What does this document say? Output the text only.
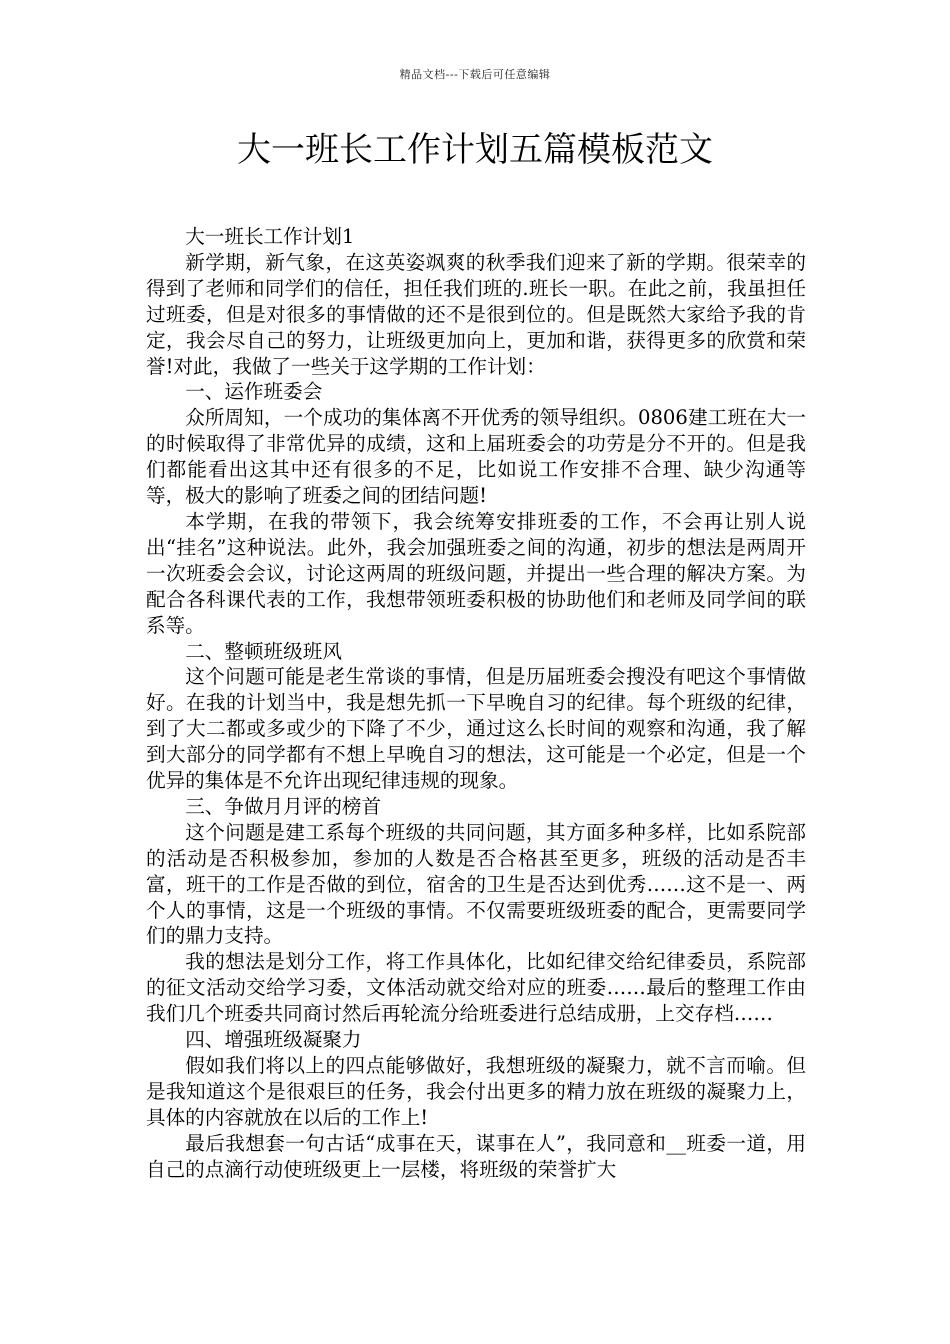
精品文档---下载后可任意编辑
大一班长工作计划五篇模板范文

大一班长工作计划1

新学期，新气象，在这英姿飒爽的秋季我们迎来了新的学期。很荣幸的得到了老师和同学们的信任，担任我们班的.班长一职。在此之前，我虽担任过班委，但是对很多的事情做的还不是很到位的。但是既然大家给予我的肯定，我会尽自己的努力，让班级更加向上，更加和谐，获得更多的欣赏和荣誉!对此，我做了一些关于这学期的工作计划：

一、运作班委会

众所周知，一个成功的集体离不开优秀的领导组织。0806建工班在大一的时候取得了非常优异的成绩，这和上届班委会的功劳是分不开的。但是我们都能看出这其中还有很多的不足，比如说工作安排不合理、缺少沟通等等，极大的影响了班委之间的团结问题!

本学期，在我的带领下，我会统筹安排班委的工作，不会再让别人说出“挂名”这种说法。此外，我会加强班委之间的沟通，初步的想法是两周开一次班委会会议，讨论这两周的班级问题，并提出一些合理的解决方案。为配合各科课代表的工作，我想带领班委积极的协助他们和老师及同学间的联系等。

二、整顿班级班风

这个问题可能是老生常谈的事情，但是历届班委会搜没有吧这个事情做好。在我的计划当中，我是想先抓一下早晚自习的纪律。每个班级的纪律，到了大二都或多或少的下降了不少，通过这么长时间的观察和沟通，我了解到大部分的同学都有不想上早晚自习的想法，这可能是一个必定，但是一个优异的集体是不允许出现纪律违规的现象。

三、争做月月评的榜首

这个问题是建工系每个班级的共同问题，其方面多种多样，比如系院部的活动是否积极参加，参加的人数是否合格甚至更多，班级的活动是否丰富，班干的工作是否做的到位，宿舍的卫生是否达到优秀……这不是一、两个人的事情，这是一个班级的事情。不仅需要班级班委的配合，更需要同学们的鼎力支持。

我的想法是划分工作，将工作具体化，比如纪律交给纪律委员，系院部的征文活动交给学习委，文体活动就交给对应的班委……最后的整理工作由我们几个班委共同商讨然后再轮流分给班委进行总结成册，上交存档……

四、增强班级凝聚力

假如我们将以上的四点能够做好，我想班级的凝聚力，就不言而喻。但是我知道这个是很艰巨的任务，我会付出更多的精力放在班级的凝聚力上，具体的内容就放在以后的工作上!

最后我想套一句古话“成事在天，谋事在人”，我同意和__班委一道，用自己的点滴行动使班级更上一层楼，将班级的荣誉扩大
